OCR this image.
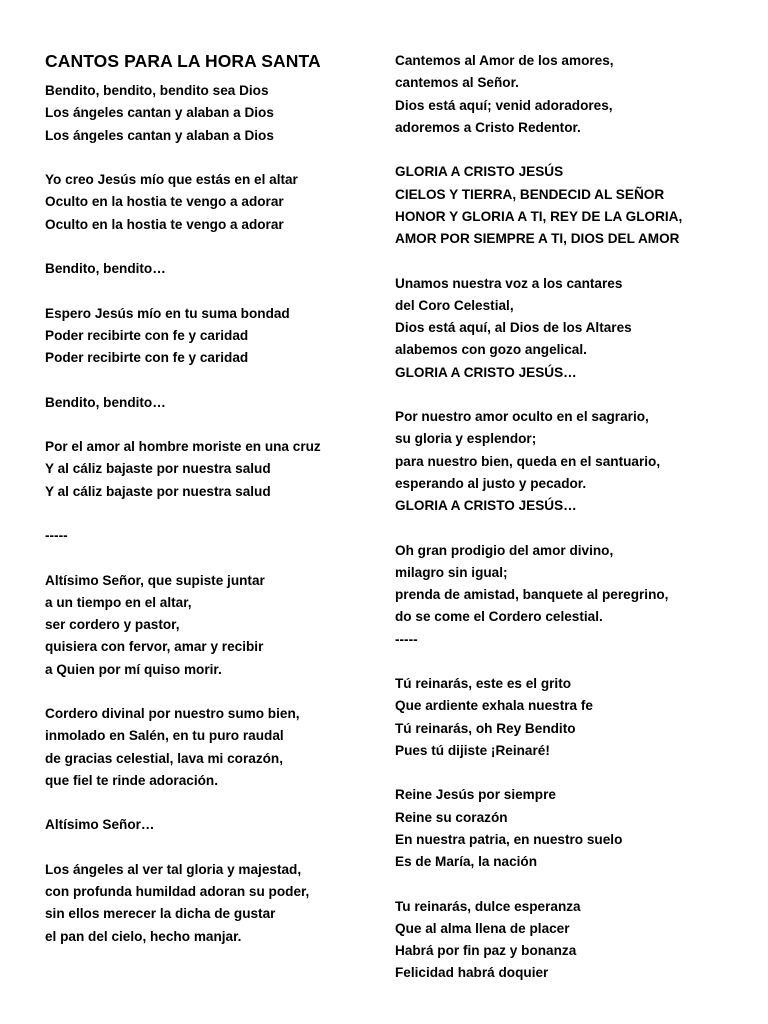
CANTOS PARA LA HORA SANTA
Bendito, bendito, bendito sea Dios
Los ángeles cantan y alaban a Dios
Los ángeles cantan y alaban a Dios
Yo creo Jesús mío que estás en el altar
Oculto en la hostia te vengo a adorar
Oculto en la hostia te vengo a adorar
Bendito, bendito…
Espero Jesús mío en tu suma bondad
Poder recibirte con fe y caridad
Poder recibirte con fe y caridad
Bendito, bendito…
Por el amor al hombre moriste en una cruz
Y al cáliz bajaste por nuestra salud
Y al cáliz bajaste por nuestra salud
-----
Altísimo Señor, que supiste juntar
a un tiempo en el altar,
ser cordero y pastor,
quisiera con fervor, amar y recibir
a Quien por mí quiso morir.
Cordero divinal por nuestro sumo bien,
inmolado en Salén, en tu puro raudal
de gracias celestial, lava mi corazón,
que fiel te rinde adoración.
Altísimo Señor…
Los ángeles al ver tal gloria y majestad,
con profunda humildad adoran su poder,
sin ellos merecer la dicha de gustar
el pan del cielo, hecho manjar.
Cantemos al Amor de los amores,
cantemos al Señor.
Dios está aquí; venid adoradores,
adoremos a Cristo Redentor.
GLORIA A CRISTO JESÚS
CIELOS Y TIERRA, BENDECID AL SEÑOR
HONOR Y GLORIA A TI, REY DE LA GLORIA,
AMOR POR SIEMPRE A TI, DIOS DEL AMOR
Unamos nuestra voz a los cantares
del Coro Celestial,
Dios está aquí, al Dios de los Altares
alabemos con gozo angelical.
GLORIA A CRISTO JESÚS…
Por nuestro amor oculto en el sagrario,
su gloria y esplendor;
para nuestro bien, queda en el santuario,
esperando al justo y pecador.
GLORIA A CRISTO JESÚS…
Oh gran prodigio del amor divino,
milagro sin igual;
prenda de amistad, banquete al peregrino,
do se come el Cordero celestial.
-----
Tú reinarás, este es el grito
Que ardiente exhala nuestra fe
Tú reinarás, oh Rey Bendito
Pues tú dijiste ¡Reinaré!
Reine Jesús por siempre
Reine su corazón
En nuestra patria, en nuestro suelo
Es de María, la nación
Tu reinarás, dulce esperanza
Que al alma llena de placer
Habrá por fin paz y bonanza
Felicidad habrá doquier
